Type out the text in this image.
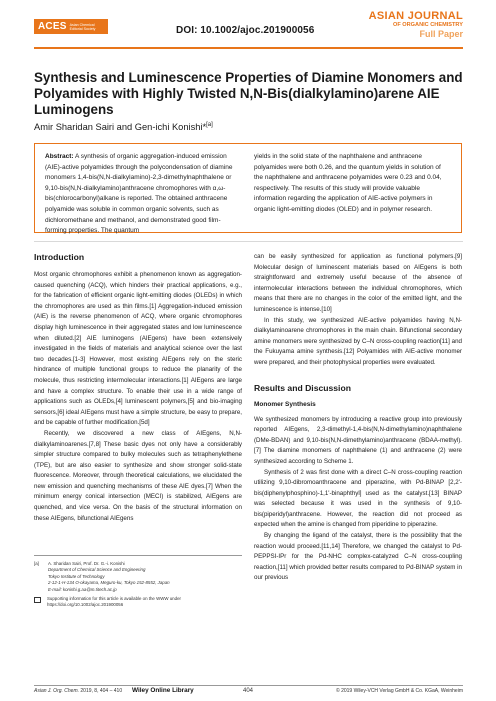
ACES Asian Chemical Editorial Society	DOI: 10.1002/ajoc.201900056
ASIAN JOURNAL
OF ORGANIC CHEMISTRY
Full Paper
Synthesis and Luminescence Properties of Diamine Monomers and Polyamides with Highly Twisted N,N-Bis(dialkylamino)arene AIE Luminogens
Amir Sharidan Sairi and Gen-ichi Konishi*[a]
Abstract: A synthesis of organic aggregation-induced emission (AIE)-active polyamides through the polycondensation of diamine monomers 1,4-bis(N,N-dialkylamino)-2,3-dimethylnaphthalene or 9,10-bis(N,N-dialkylamino)anthracene chromophores with α,ω-bis(chlorocarbonyl)alkane is reported. The obtained anthracene polyamide was soluble in common organic solvents, such as dichloromethane and methanol, and demonstrated good film-forming properties. The quantum
yields in the solid state of the naphthalene and anthracene polyamides were both 0.26, and the quantum yields in solution of the naphthalene and anthracene polyamides were 0.23 and 0.04, respectively. The results of this study will provide valuable information regarding the application of AIE-active polymers in organic light-emitting diodes (OLED) and in polymer research.
Introduction

Most organic chromophores exhibit a phenomenon known as aggregation-caused quenching (ACQ), which hinders their practical applications, e.g., for the fabrication of efficient organic light-emitting diodes (OLEDs) in which the chromophores are used as thin films.[1] Aggregation-induced emission (AIE) is the reverse phenomenon of ACQ, where organic chromophores display high luminescence in their aggregated states and low luminescence when diluted.[2] AIE luminogens (AIEgens) have been extensively investigated in the fields of materials and analytical science over the last two decades.[1-3] However, most existing AIEgens rely on the steric hindrance of multiple functional groups to reduce the planarity of the molecule, thus restricting intermolecular interactions.[1] AIEgens are large and have a complex structure. To enable their use in a wide range of applications such as OLEDs,[4] luminescent polymers,[5] and bio-imaging sensors,[6] ideal AIEgens must have a simple structure, be easy to prepare, and be capable of further modification.[5d]

Recently, we discovered a new class of AIEgens, N,N-dialkylaminoarenes.[7,8] These basic dyes not only have a considerably simpler structure compared to bulky molecules such as tetraphenylethene (TPE), but are also easier to synthesize and show stronger solid-state fluorescence. Moreover, through theoretical calculations, we elucidated the new emission and quenching mechanisms of these AIE dyes.[7] When the minimum energy conical intersection (MECI) is stabilized, AIEgens are quenched, and vice versa. On the basis of the structural information on these AIEgens, bifunctional AIEgens

can be easily synthesized for application as functional polymers.[9] Molecular design of luminescent materials based on AIEgens is both straightforward and extremely useful because of the absence of intermolecular interactions between the individual chromophores, which means that there are no changes in the color of the emitted light, and the luminescence is intense.[10]

In this study, we synthesized AIE-active polyamides having N,N-dialkylaminoarene chromophores in the main chain. Bifunctional secondary amine monomers were synthesized by C–N cross-coupling reaction[11] and the Fukuyama amine synthesis.[12] Polyamides with AIE-active monomer were prepared, and their photophysical properties were evaluated.

Results and Discussion
Monomer Synthesis

We synthesized monomers by introducing a reactive group into previously reported AIEgens, 2,3-dimethyl-1,4-bis(N,N-dimethylamino)naphthalene (DMe-BDAN) and 9,10-bis(N,N-dimethylamino)anthracene (BDAA-methyl).[7] The diamine monomers of naphthalene (1) and anthracene (2) were synthesized according to Scheme 1.

Synthesis of 2 was first done with a direct C–N cross-coupling reaction utilizing 9,10-dibromoanthracene and piperazine, with Pd-BINAP [2,2'-bis(diphenylphosphino)-1,1'-binaphthyl] used as the catalyst.[13] BINAP was selected because it was used in the synthesis of 9,10-bis(piperidyl)anthracene. However, the reaction did not proceed as expected when the amine is changed from piperidine to piperazine.

By changing the ligand of the catalyst, there is the possibility that the reaction would proceed.[11,14] Therefore, we changed the catalyst to Pd-PEPPSI-IPr for the Pd-NHC complex-catalyzed C–N cross-coupling reaction,[11] which provided better results compared to Pd-BINAP system in our previous

[a]	A. Sharidan Sairi, Prof. Dr. G.-i. Konishi
Department of Chemical Science and Engineering
Tokyo Institute of Technology
2-12-1-H-134 O-okayama, Meguro-ku, Tokyo 152-8552, Japan
E-mail: konishi.g.aa@m.titech.ac.jp
Supporting information for this article is available on the WWW under https://doi.org/10.1002/ajoc.201900056
Asian J. Org. Chem. 2019, 8, 404 – 410 Wiley Online Library	404	© 2019 Wiley-VCH Verlag GmbH & Co. KGaA, Weinheim
